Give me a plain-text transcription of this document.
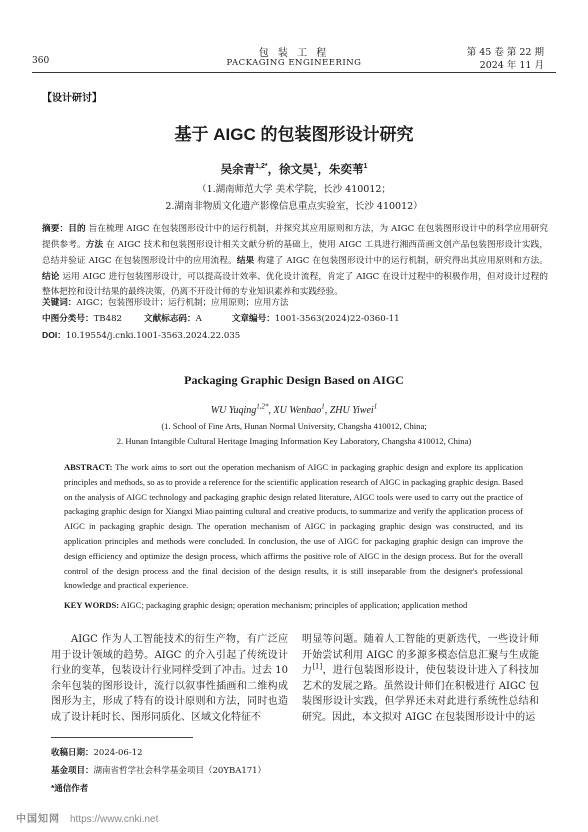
360
包 装 工 程
PACKAGING ENGINEERING
第 45 卷 第 22 期
2024 年 11 月
【设计研讨】
基于 AIGC 的包装图形设计研究
吴余青$^{1,2*}$，徐文昊$^1$，朱奕苇$^1$
（1.湖南师范大学 美术学院，长沙 410012；
2.湖南非物质文化遗产影像信息重点实验室，长沙 410012）
摘要：目的 旨在梳理 AIGC 在包装图形设计中的运行机制，并探究其应用原则和方法，为 AIGC 在包装图形设计中的科学应用研究提供参考。方法 在 AIGC 技术和包装图形设计相关文献分析的基础上，使用 AIGC 工具进行湘西苗画文创产品包装图形设计实践，总结并验证 AIGC 在包装图形设计中的应用流程。结果 构建了 AIGC 在包装图形设计中的运行机制，研究得出其应用原则和方法。结论 运用 AIGC 进行包装图形设计，可以提高设计效率、优化设计流程，肯定了 AIGC 在设计过程中的积极作用，但对设计过程的整体把控和设计结果的最终决策，仍离不开设计师的专业知识素养和实践经验。
关键词：AIGC；包装图形设计；运行机制；应用原则；应用方法
中图分类号：TB482	文献标志码：A	文章编号：1001-3563(2024)22-0360-11
DOI：10.19554/j.cnki.1001-3563.2024.22.035
Packaging Graphic Design Based on AIGC
WU Yuqing$^{1,2*}$, XU Wenhao$^1$, ZHU Yiwei$^1$
(1. School of Fine Arts, Hunan Normal University, Changsha 410012, China;
2. Hunan Intangible Cultural Heritage Imaging Information Key Laboratory, Changsha 410012, China)
ABSTRACT: The work aims to sort out the operation mechanism of AIGC in packaging graphic design and explore its application principles and methods, so as to provide a reference for the scientific application research of AIGC in packaging graphic design. Based on the analysis of AIGC technology and packaging graphic design related literature, AIGC tools were used to carry out the practice of packaging graphic design for Xiangxi Miao painting cultural and creative products, to summarize and verify the application process of AIGC in packaging graphic design. The operation mechanism of AIGC in packaging graphic design was constructed, and its application principles and methods were concluded. In conclusion, the use of AIGC for packaging graphic design can improve the design efficiency and optimize the design process, which affirms the positive role of AIGC in the design process. But for the overall control of the design process and the final decision of the design results, it is still inseparable from the designer's professional knowledge and practical experience.
KEY WORDS: AIGC; packaging graphic design; operation mechanism; principles of application; application method
AIGC 作为人工智能技术的衍生产物，有广泛应用于设计领域的趋势。AIGC 的介入引起了传统设计行业的变革，包装设计行业同样受到了冲击。过去 10 余年包装的图形设计，流行以叙事性插画和二维构成图形为主，形成了特有的设计原则和方法，同时也造成了设计耗时长、图形同质化、区域文化特征不
明显等问题。随着人工智能的更新迭代，一些设计师开始尝试利用 AIGC 的多源多模态信息汇聚与生成能力[1]，进行包装图形设计，使包装设计进入了科技加艺术的发展之路。虽然设计师们在积极进行 AIGC 包装图形设计实践，但学界还未对此进行系统性总结和研究。因此，本文拟对 AIGC 在包装图形设计中的运
收稿日期：2024-06-12
基金项目：湖南省哲学社会科学基金项目（20YBA171）
*通信作者
中国知网 https://www.cnki.net
